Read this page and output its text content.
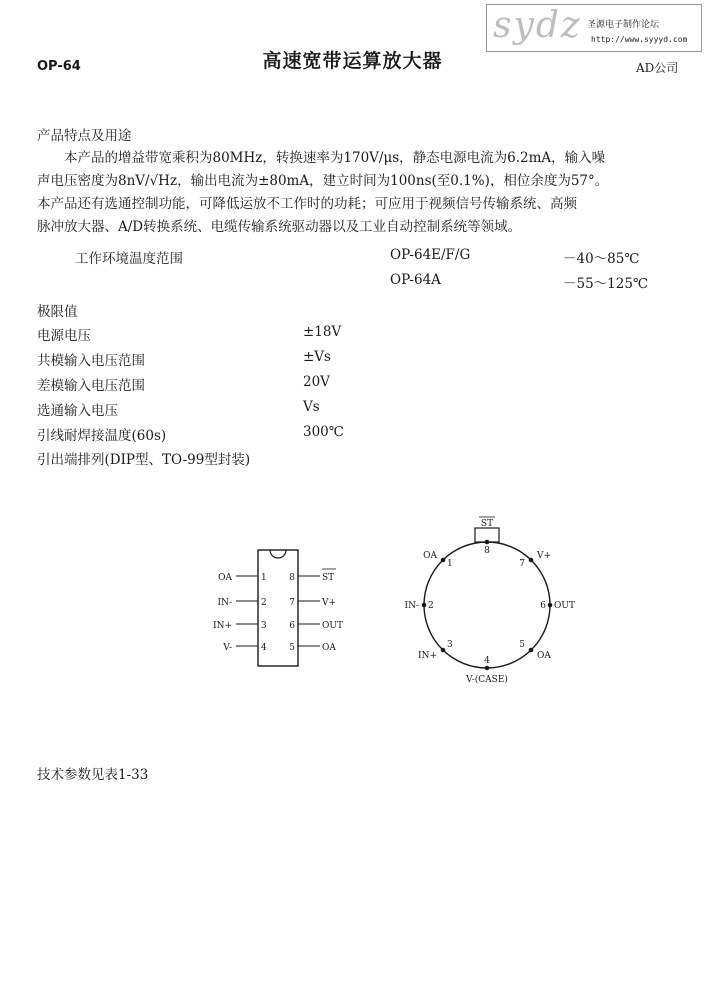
sydz 圣源电子制作论坛
http://www.syyyd.com
OP-64	高速宽带运算放大器	AD公司
产品特点及用途
本产品的增益带宽乘积为80MHz，转换速率为170V/μs，静态电源电流为6.2mA，输入噪
声电压密度为8nV/√Hz，输出电流为±80mA，建立时间为100ns(至0.1%)，相位余度为57°。
本产品还有选通控制功能，可降低运放不工作时的功耗；可应用于视频信号传输系统、高频
脉冲放大器、A/D转换系统、电缆传输系统驱动器以及工业自动控制系统等领域。
工作环境温度范围	OP-64E/F/G	－40～85℃
OP-64A	－55～125℃
极限值
电源电压	±18V
共模输入电压范围	±Vs
差模输入电压范围	20V
选通输入电压	Vs
引线耐焊接温度(60s)	300℃
引出端排列(DIP型、TO-99型封装)
OA	1
IN-	2
IN+	3
V-	4
8	ST
7	V+
6	OUT
5	OA
ST
8
1
OA
2
IN-
3
IN+	4
V-(CASE)
5
OA
6 OUT
7
V+
技术参数见表1-33
